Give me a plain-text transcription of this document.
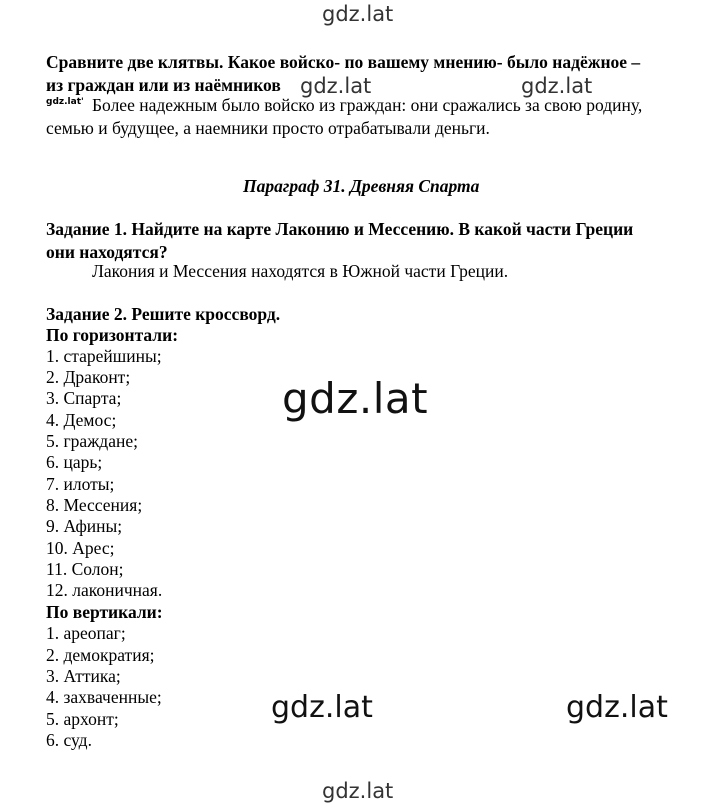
gdz.lat
Сравните две клятвы. Какое войско- по вашему мнению- было надёжное –
из граждан или из наёмников gdz.lat	gdz.lat
gdz.lat' Более надежным было войско из граждан: они сражались за свою родину,
семью и будущее, а наемники просто отрабатывали деньги.
Параграф 31. Древняя Спарта
Задание 1. Найдите на карте Лаконию и Мессению. В какой части Греции
они находятся?
Лакония и Мессения находятся в Южной части Греции.
Задание 2. Решите кроссворд.
По горизонтали:
1. старейшины;
2. Драконт;
3. Спарта;
4. Демос;
5. граждане;
6. царь;
7. илоты;
8. Мессения;
9. Афины;
10. Арес;
11. Солон;
12. лаконичная.
По вертикали:
1. ареопаг;
2. демократия;
3. Аттика;
4. захваченные;
5. архонт;
6. суд.
gdz.lat
gdz.lat	gdz.lat
gdz.lat
